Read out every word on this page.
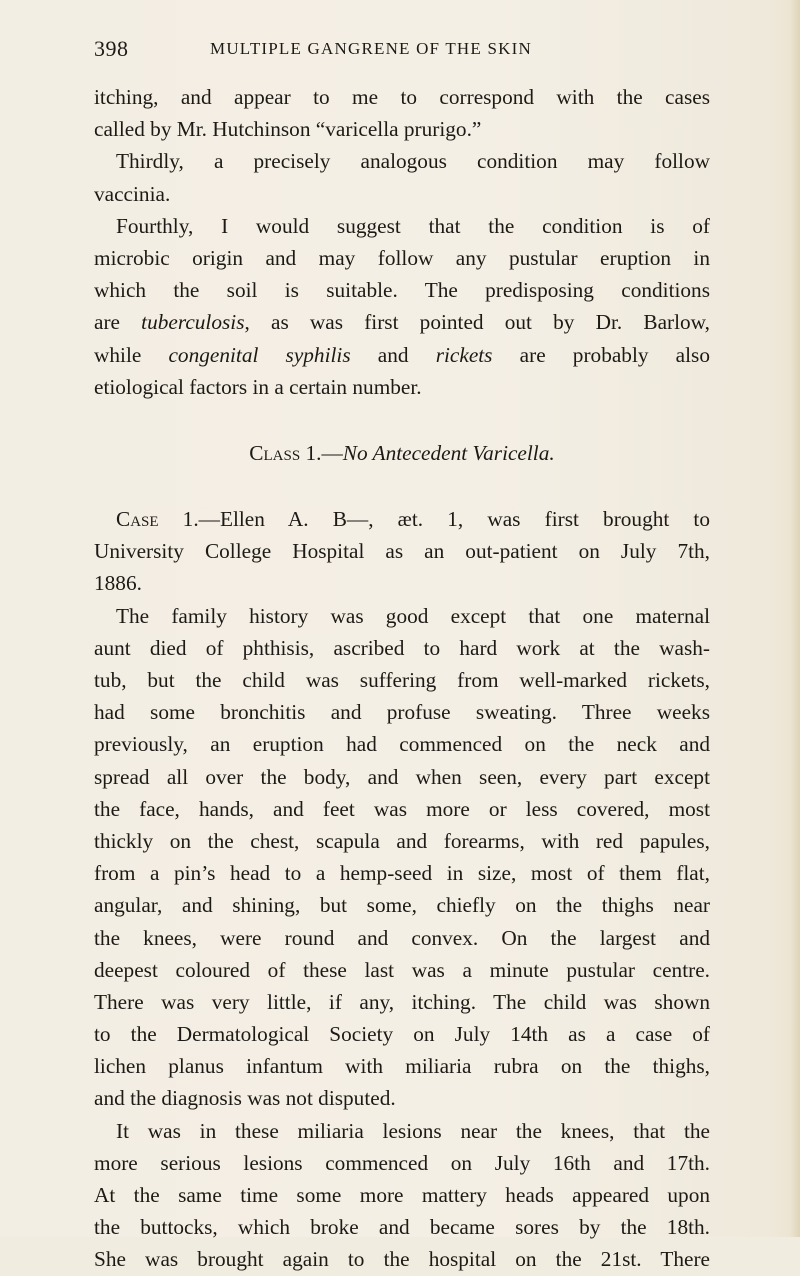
398	MULTIPLE GANGRENE OF THE SKIN
itching, and appear to me to correspond with the cases
called by Mr. Hutchinson “varicella prurigo.”
Thirdly, a precisely analogous condition may follow
vaccinia.
Fourthly, I would suggest that the condition is of
microbic origin and may follow any pustular eruption in
which the soil is suitable. The predisposing conditions
are tuberculosis, as was first pointed out by Dr. Barlow,
while congenital syphilis and rickets are probably also
etiological factors in a certain number.
Class 1.—No Antecedent Varicella.
Case 1.—Ellen A. B—, æt. 1, was first brought to
University College Hospital as an out-patient on July 7th,
1886.
The family history was good except that one maternal
aunt died of phthisis, ascribed to hard work at the wash-
tub, but the child was suffering from well-marked rickets,
had some bronchitis and profuse sweating. Three weeks
previously, an eruption had commenced on the neck and
spread all over the body, and when seen, every part except
the face, hands, and feet was more or less covered, most
thickly on the chest, scapula and forearms, with red papules,
from a pin’s head to a hemp-seed in size, most of them flat,
angular, and shining, but some, chiefly on the thighs near
the knees, were round and convex. On the largest and
deepest coloured of these last was a minute pustular centre.
There was very little, if any, itching. The child was shown
to the Dermatological Society on July 14th as a case of
lichen planus infantum with miliaria rubra on the thighs,
and the diagnosis was not disputed.
It was in these miliaria lesions near the knees, that the
more serious lesions commenced on July 16th and 17th.
At the same time some more mattery heads appeared upon
the buttocks, which broke and became sores by the 18th.
She was brought again to the hospital on the 21st. There
